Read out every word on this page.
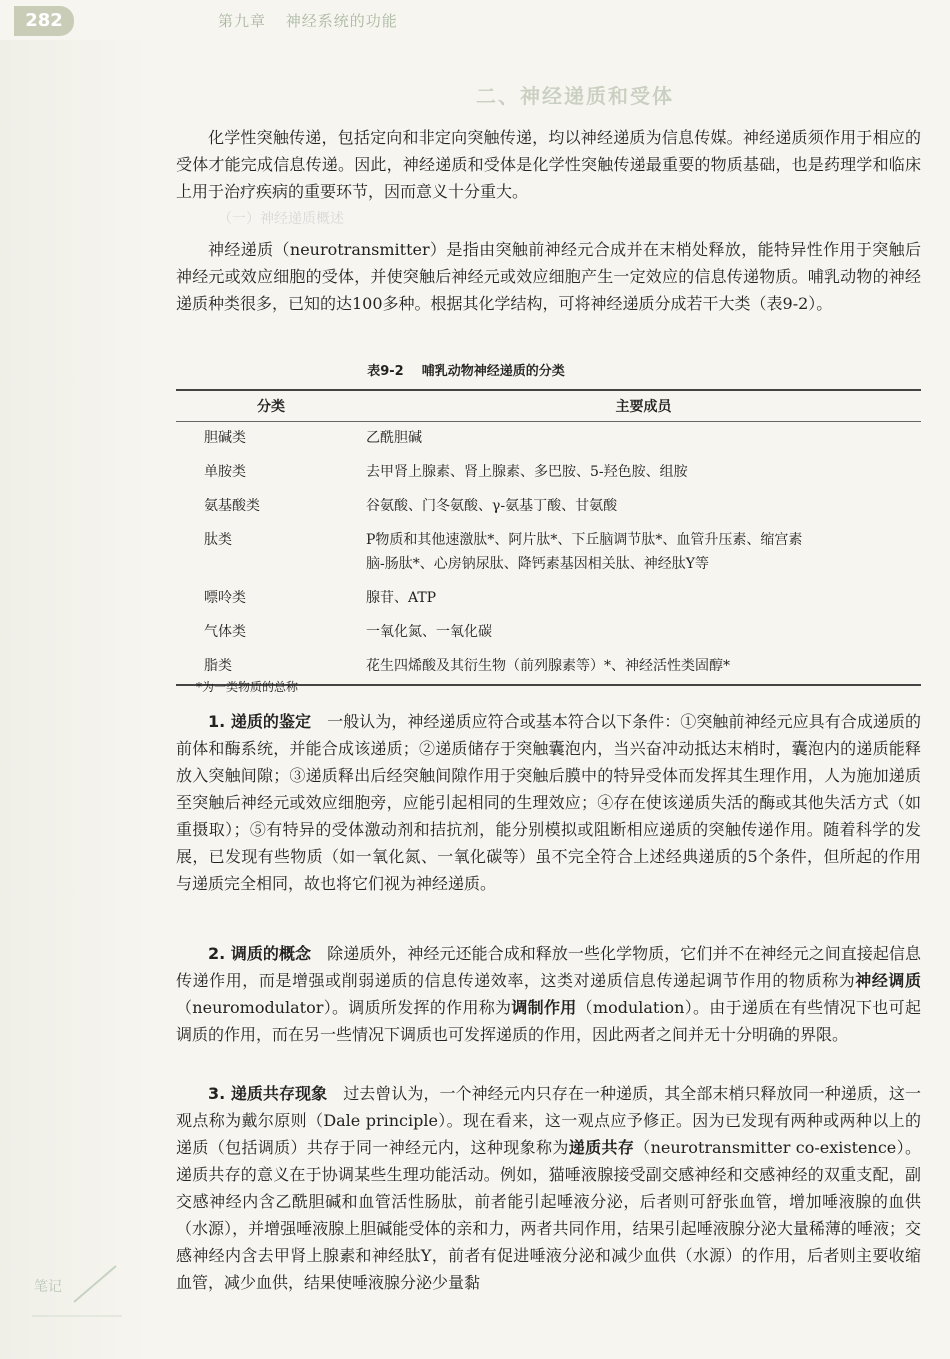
282	第九章 神经系统的功能
二、神经递质和受体

化学性突触传递，包括定向和非定向突触传递，均以神经递质为信息传媒。神经递质须作用于相应的受体才能完成信息传递。因此，神经递质和受体是化学性突触传递最重要的物质基础，也是药理学和临床上用于治疗疾病的重要环节，因而意义十分重大。

（一）神经递质概述

神经递质（neurotransmitter）是指由突触前神经元合成并在末梢处释放，能特异性作用于突触后神经元或效应细胞的受体，并使突触后神经元或效应细胞产生一定效应的信息传递物质。哺乳动物的神经递质种类很多，已知的达100多种。根据其化学结构，可将神经递质分成若干大类（表9-2）。

表9-2 哺乳动物神经递质的分类
分类	主要成员
胆碱类	乙酰胆碱
单胺类	去甲肾上腺素、肾上腺素、多巴胺、5-羟色胺、组胺
氨基酸类	谷氨酸、门冬氨酸、γ-氨基丁酸、甘氨酸
肽类	P物质和其他速激肽*、阿片肽*、下丘脑调节肽*、血管升压素、缩宫素
脑-肠肽*、心房钠尿肽、降钙素基因相关肽、神经肽Y等

嘌呤类	腺苷、ATP
气体类	一氧化氮、一氧化碳
脂类	花生四烯酸及其衍生物（前列腺素等）*、神经活性类固醇*
*为一类物质的总称

1. 递质的鉴定　 一般认为，神经递质应符合或基本符合以下条件：①突触前神经元应具有合成递质的前体和酶系统，并能合成该递质；②递质储存于突触囊泡内，当兴奋冲动抵达末梢时，囊泡内的递质能释放入突触间隙；③递质释出后经突触间隙作用于突触后膜中的特异受体而发挥其生理作用，人为施加递质至突触后神经元或效应细胞旁，应能引起相同的生理效应；④存在使该递质失活的酶或其他失活方式（如重摄取）；⑤有特异的受体激动剂和拮抗剂，能分别模拟或阻断相应递质的突触传递作用。随着科学的发展，已发现有些物质（如一氧化氮、一氧化碳等）虽不完全符合上述经典递质的5个条件，但所起的作用与递质完全相同，故也将它们视为神经递质。

2. 调质的概念　 除递质外，神经元还能合成和释放一些化学物质，它们并不在神经元之间直接起信息传递作用，而是增强或削弱递质的信息传递效率，这类对递质信息传递起调节作用的物质称为神经调质（neuromodulator）。调质所发挥的作用称为调制作用（modulation）。由于递质在有些情况下也可起调质的作用，而在另一些情况下调质也可发挥递质的作用，因此两者之间并无十分明确的界限。

3. 递质共存现象　 过去曾认为，一个神经元内只存在一种递质，其全部末梢只释放同一种递质，这一观点称为戴尔原则（Dale principle）。现在看来，这一观点应予修正。因为已发现有两种或两种以上的递质（包括调质）共存于同一神经元内，这种现象称为递质共存（neurotransmitter co-existence）。递质共存的意义在于协调某些生理功能活动。例如，猫唾液腺接受副交感神经和交感神经的双重支配，副交感神经内含乙酰胆碱和血管活性肠肽，前者能引起唾液分泌，后者则可舒张血管，增加唾液腺的血供（水源），并增强唾液腺上胆碱能受体的亲和力，两者共同作用，结果引起唾液腺分泌大量稀薄的唾液；交感神经内含去甲肾上腺素和神经肽Y，前者有促进唾液分泌和减少血供（水源）的作用，后者则主要收缩血管，减少血供，结果使唾液腺分泌少量黏

笔记
